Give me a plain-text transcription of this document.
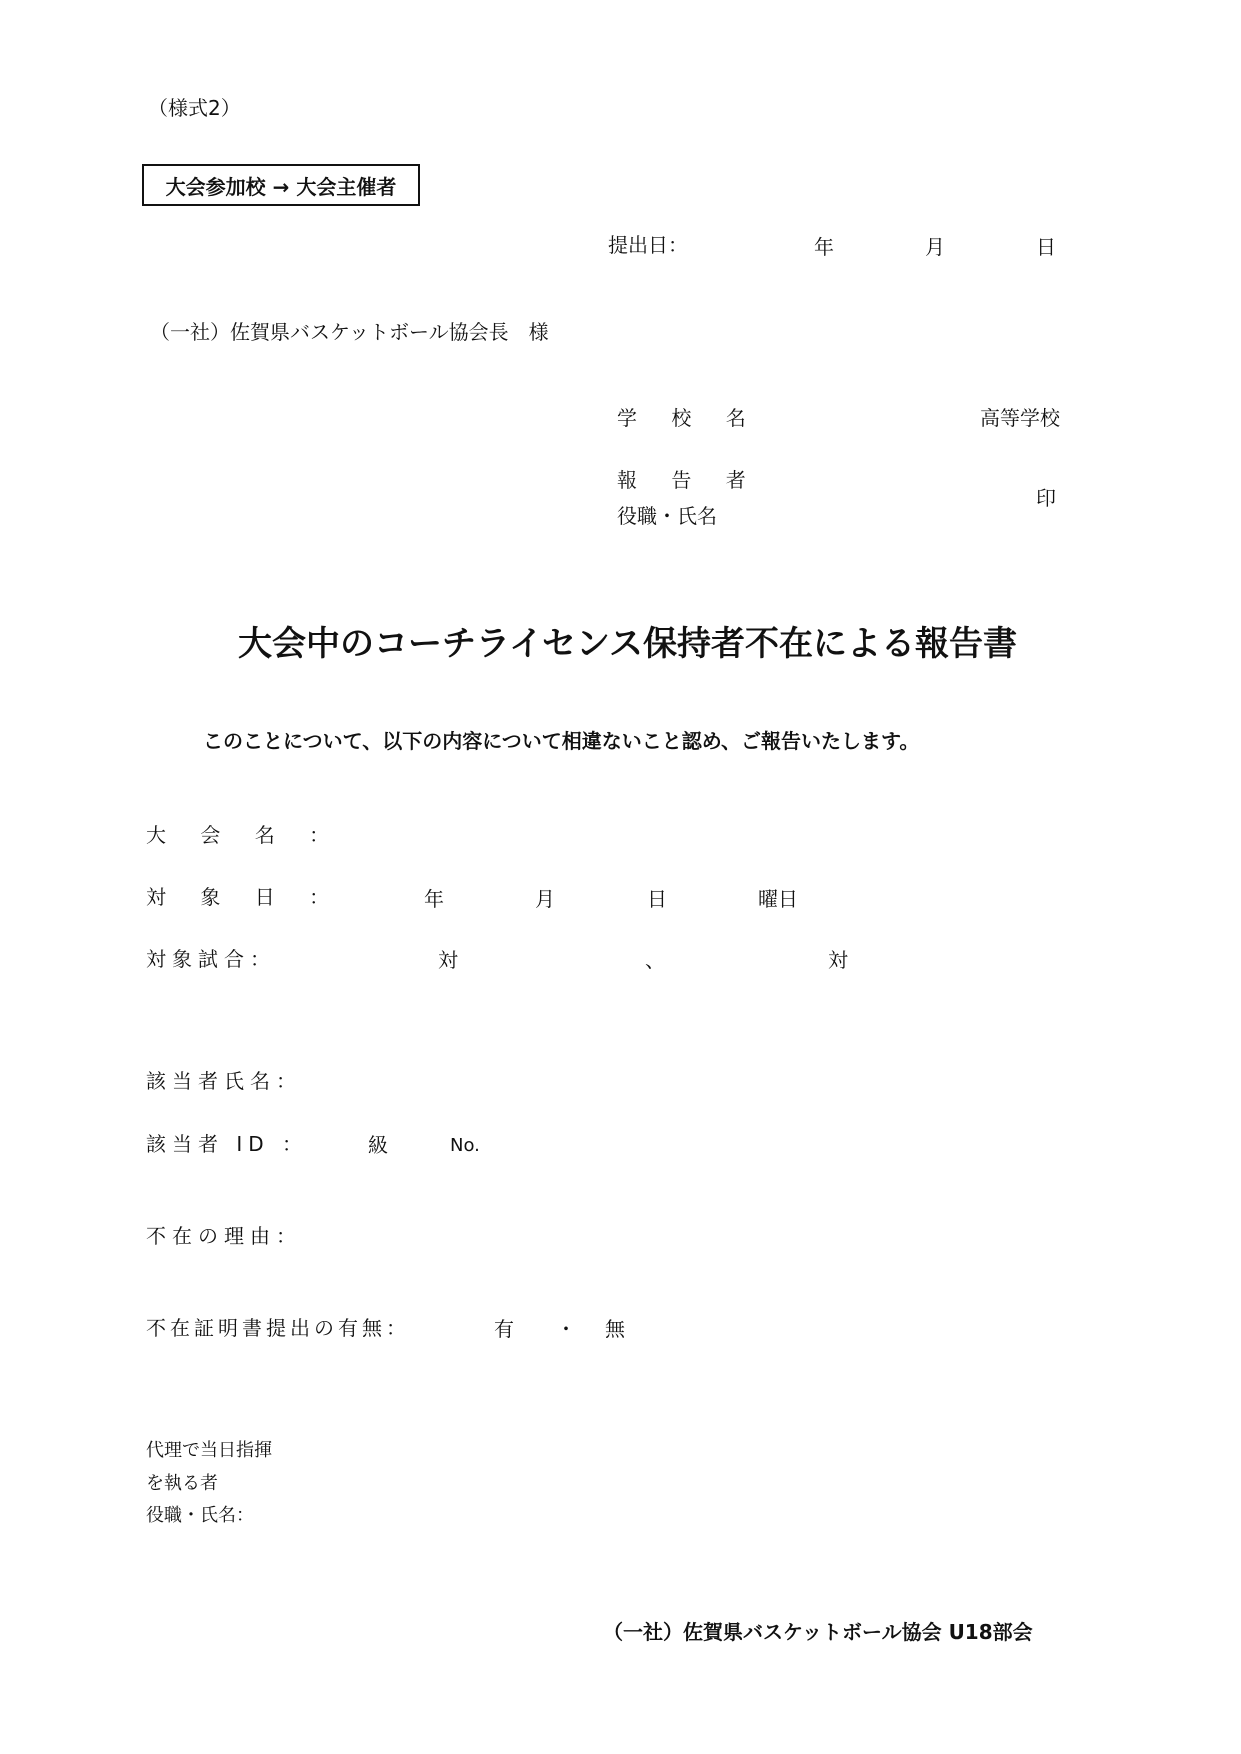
（様式2）
大会参加校 → 大会主催者
提出日：	年	月	日
（一社）佐賀県バスケットボール協会長　様
学 校 名	高等学校
報 告 者
役職・氏名
印
大会中のコーチライセンス保持者不在による報告書
このことについて、以下の内容について相違ないこと認め、ご報告いたします。
大 会 名 ：
対 象 日 ：	年	月	日	曜日
対象試合：	対	、	対
該当者氏名：
該当者 ID ：	級	No.
不在の理由：
不在証明書提出の有無：	有 ・ 無
代理で当日指揮
を執る者
役職・氏名：
（一社）佐賀県バスケットボール協会 U18部会
